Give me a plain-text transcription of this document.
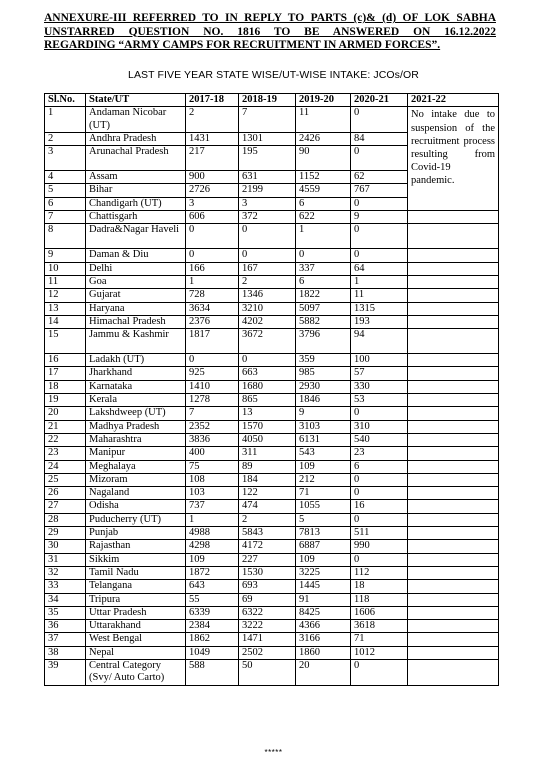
ANNEXURE-III REFERRED TO IN REPLY TO PARTS (c)& (d) OF LOK SABHA
UNSTARRED QUESTION NO. 1816 TO BE ANSWERED ON 16.12.2022
REGARDING “ARMY CAMPS FOR RECRUITMENT IN ARMED FORCES”.
LAST FIVE YEAR STATE WISE/UT-WISE INTAKE: JCOs/OR
Sl.No.	State/UT	2017-18	2018-19	2019-20	2020-21	2021-22
1	Andaman Nicobar (UT)	2	7	11	0	No intake due to suspension of the recruitment process resulting from Covid-19 pandemic.
2	Andhra Pradesh	1431	1301	2426	84	
3	Arunachal Pradesh	217	195	90	0	
4	Assam	900	631	1152	62	
5	Bihar	2726	2199	4559	767	
6	Chandigarh (UT)	3	3	6	0	
7	Chattisgarh	606	372	622	9	
8	Dadra&Nagar Haveli	0	0	1	0	
9	Daman & Diu	0	0	0	0	
10	Delhi	166	167	337	64	
11	Goa	1	2	6	1	
12	Gujarat	728	1346	1822	11	
13	Haryana	3634	3210	5097	1315	
14	Himachal Pradesh	2376	4202	5882	193	
15	Jammu & Kashmir	1817	3672	3796	94	
16	Ladakh (UT)	0	0	359	100	
17	Jharkhand	925	663	985	57	
18	Karnataka	1410	1680	2930	330	
19	Kerala	1278	865	1846	53	
20	Lakshdweep (UT)	7	13	9	0	
21	Madhya Pradesh	2352	1570	3103	310	
22	Maharashtra	3836	4050	6131	540	
23	Manipur	400	311	543	23	
24	Meghalaya	75	89	109	6	
25	Mizoram	108	184	212	0	
26	Nagaland	103	122	71	0	
27	Odisha	737	474	1055	16	
28	Puducherry (UT)	1	2	5	0	
29	Punjab	4988	5843	7813	511	
30	Rajasthan	4298	4172	6887	990	
31	Sikkim	109	227	109	0	
32	Tamil Nadu	1872	1530	3225	112	
33	Telangana	643	693	1445	18	
34	Tripura	55	69	91	118	
35	Uttar Pradesh	6339	6322	8425	1606	
36	Uttarakhand	2384	3222	4366	3618	
37	West Bengal	1862	1471	3166	71	
38	Nepal	1049	2502	1860	1012	
39	Central Category (Svy/ Auto Carto)	588	50	20	0	
*****
